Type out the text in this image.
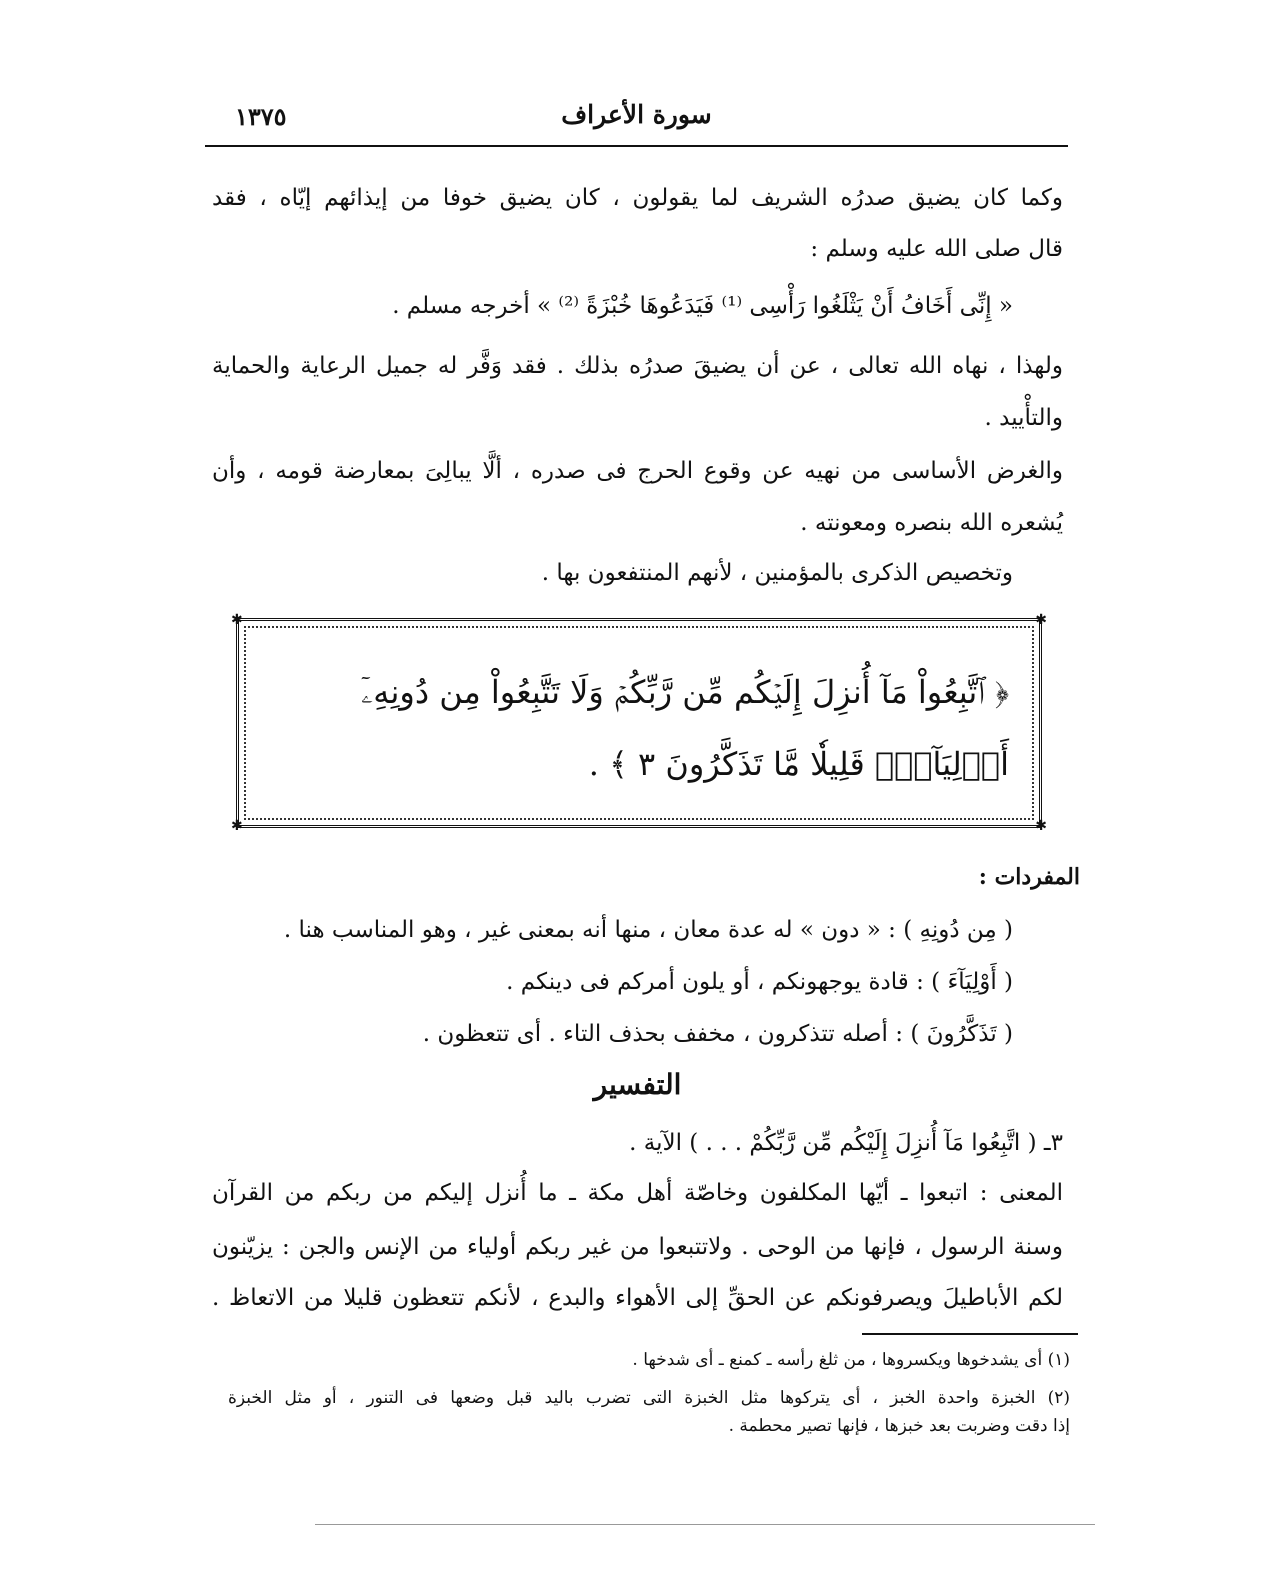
سورة الأعراف
١٣٧٥
وكما كان يضيق صدرُه الشريف لما يقولون ، كان يضيق خوفا من إيذائهم إيّاه ، فقد
قال صلى الله عليه وسلم :
« إِنِّى أَخَافُ أَنْ يَثْلَغُوا رَأْسِى ⁽¹⁾ فَيَدَعُوهَا خُبْزَةً ⁽²⁾ » أخرجه مسلم .
ولهذا ، نهاه الله تعالى ، عن أن يضيقَ صدرُه بذلك . فقد وَفَّر له جميل الرعاية والحماية
والتأْييد .
والغرض الأساسى من نهيه عن وقوع الحرج فى صدره ، ألَّا يبالِىَ بمعارضة قومه ، وأن
يُشعره الله بنصره ومعونته .
وتخصيص الذكرى بالمؤمنين ، لأنهم المنتفعون بها .
✱	✱
✱	✱
﴿ ٱتَّبِعُواْ مَآ أُنزِلَ إِلَيۡكُم مِّن رَّبِّكُمۡ وَلَا تَتَّبِعُواْ مِن دُونِهِۦٓ
أَوۡلِيَآءَۗ قَلِيلٗا مَّا تَذَكَّرُونَ ٣ ﴾ .
المفردات :
( مِن دُونِهِ ) : « دون » له عدة معان ، منها أنه بمعنى غير ، وهو المناسب هنا .
( أَوْلِيَآءَ ) : قادة يوجهونكم ، أو يلون أمركم فى دينكم .
( تَذَكَّرُونَ ) : أصله تتذكرون ، مخفف بحذف التاء . أى تتعظون .
التفسير
٣ـ ( اتَّبِعُوا مَآ أُنزِلَ إِلَيْكُم مِّن رَّبِّكُمْ . . . ) الآية .
المعنى : اتبعوا ـ أيّها المكلفون وخاصّة أهل مكة ـ ما أُنزل إليكم من ربكم من القرآن
وسنة الرسول ، فإنها من الوحى . ولاتتبعوا من غير ربكم أولياء من الإنس والجن : يزيّنون
لكم الأباطيلَ ويصرفونكم عن الحقِّ إلى الأهواء والبدع ، لأنكم تتعظون قليلا من الاتعاظ .
(١) أى يشدخوها ويكسروها ، من ثلغ رأسه ـ كمنع ـ أى شدخها .
(٢) الخبزة واحدة الخبز ، أى يتركوها مثل الخبزة التى تضرب باليد قبل وضعها فى التنور ، أو مثل الخبزة
إذا دقت وضربت بعد خبزها ، فإنها تصير محطمة .
